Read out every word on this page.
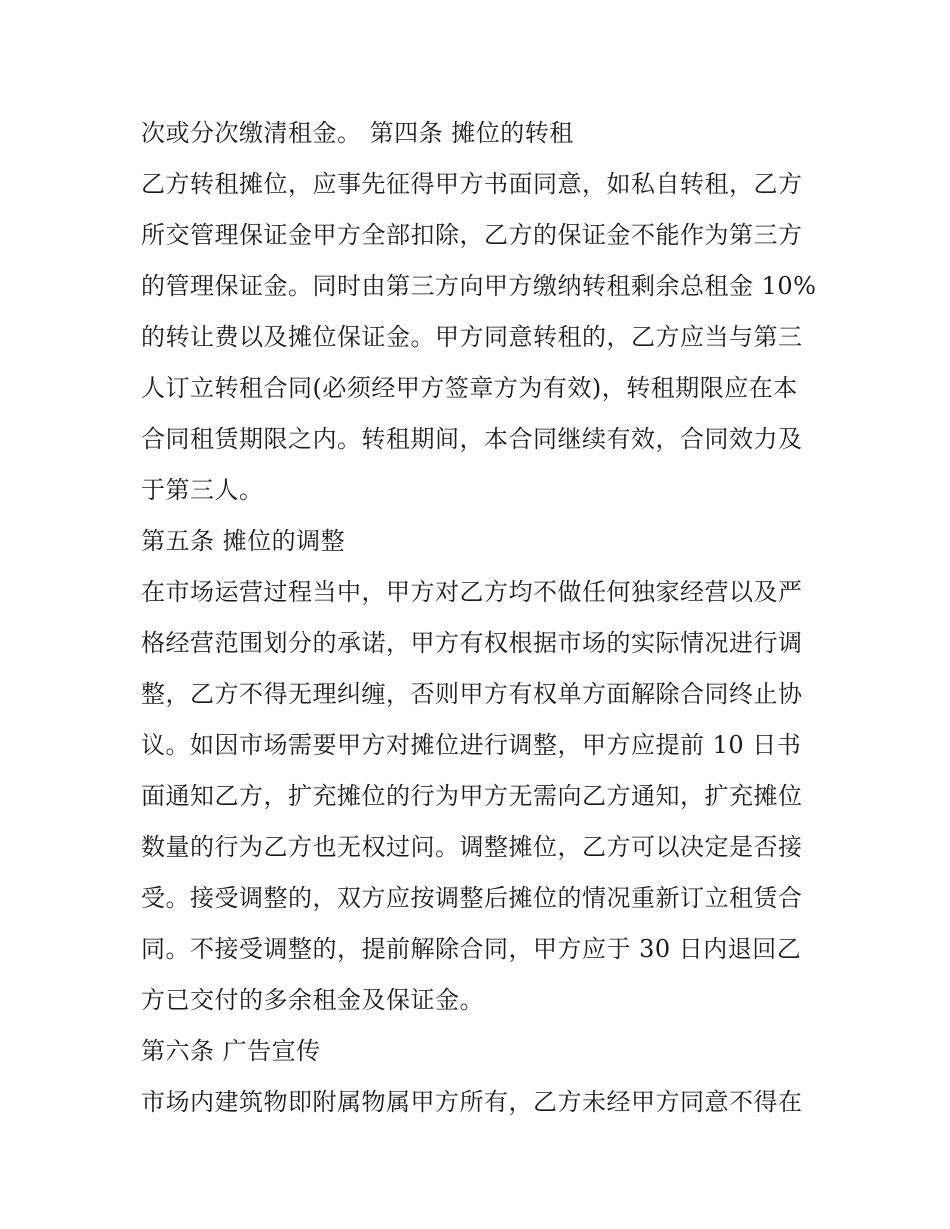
次或分次缴清租金。 第四条 摊位的转租
乙方转租摊位，应事先征得甲方书面同意，如私自转租，乙方
所交管理保证金甲方全部扣除，乙方的保证金不能作为第三方
的管理保证金。同时由第三方向甲方缴纳转租剩余总租金 10%
的转让费以及摊位保证金。甲方同意转租的，乙方应当与第三
人订立转租合同(必须经甲方签章方为有效)，转租期限应在本
合同租赁期限之内。转租期间，本合同继续有效，合同效力及
于第三人。
第五条 摊位的调整
在市场运营过程当中，甲方对乙方均不做任何独家经营以及严
格经营范围划分的承诺，甲方有权根据市场的实际情况进行调
整，乙方不得无理纠缠，否则甲方有权单方面解除合同终止协
议。如因市场需要甲方对摊位进行调整，甲方应提前 10 日书
面通知乙方，扩充摊位的行为甲方无需向乙方通知，扩充摊位
数量的行为乙方也无权过问。调整摊位，乙方可以决定是否接
受。接受调整的，双方应按调整后摊位的情况重新订立租赁合
同。不接受调整的，提前解除合同，甲方应于 30 日内退回乙
方已交付的多余租金及保证金。
第六条 广告宣传
市场内建筑物即附属物属甲方所有，乙方未经甲方同意不得在
